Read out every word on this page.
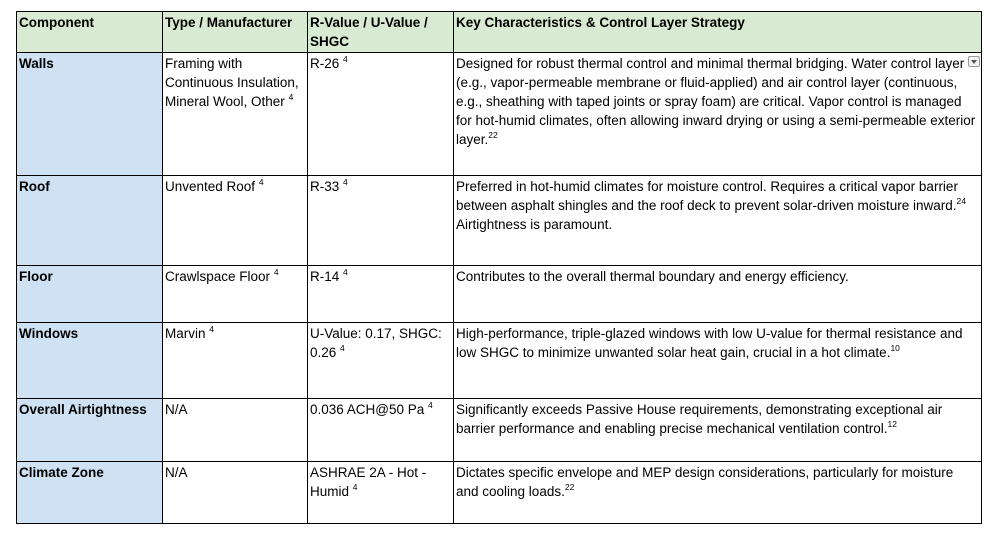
Component	Type / Manufacturer	R-Value / U-Value / SHGC	Key Characteristics & Control Layer Strategy
Walls	Framing with Continuous Insulation, Mineral Wool, Other $^4$	R-26 $^4$	Designed for robust thermal control and minimal thermal bridging. Water control layer (e.g., vapor-permeable membrane or fluid-applied) and air control layer (continuous, e.g., sheathing with taped joints or spray foam) are critical. Vapor control is managed for hot-humid climates, often allowing inward drying or using a semi-permeable exterior layer.$^{22}$

Roof	Unvented Roof $^4$	R-33 $^4$	Preferred in hot-humid climates for moisture control. Requires a critical vapor barrier between asphalt shingles and the roof deck to prevent solar-driven moisture inward.$^{24}$ Airtightness is paramount.
Floor	Crawlspace Floor $^4$	R-14 $^4$	Contributes to the overall thermal boundary and energy efficiency.
Windows	Marvin $^4$	U-Value: 0.17, SHGC: 0.26 $^4$	High-performance, triple-glazed windows with low U-value for thermal resistance and low SHGC to minimize unwanted solar heat gain, crucial in a hot climate.$^{10}$
Overall Airtightness	N/A	0.036 ACH@50 Pa $^4$	Significantly exceeds Passive House requirements, demonstrating exceptional air barrier performance and enabling precise mechanical ventilation control.$^{12}$
Climate Zone	N/A	ASHRAE 2A - Hot - Humid $^4$	Dictates specific envelope and MEP design considerations, particularly for moisture and cooling loads.$^{22}$
